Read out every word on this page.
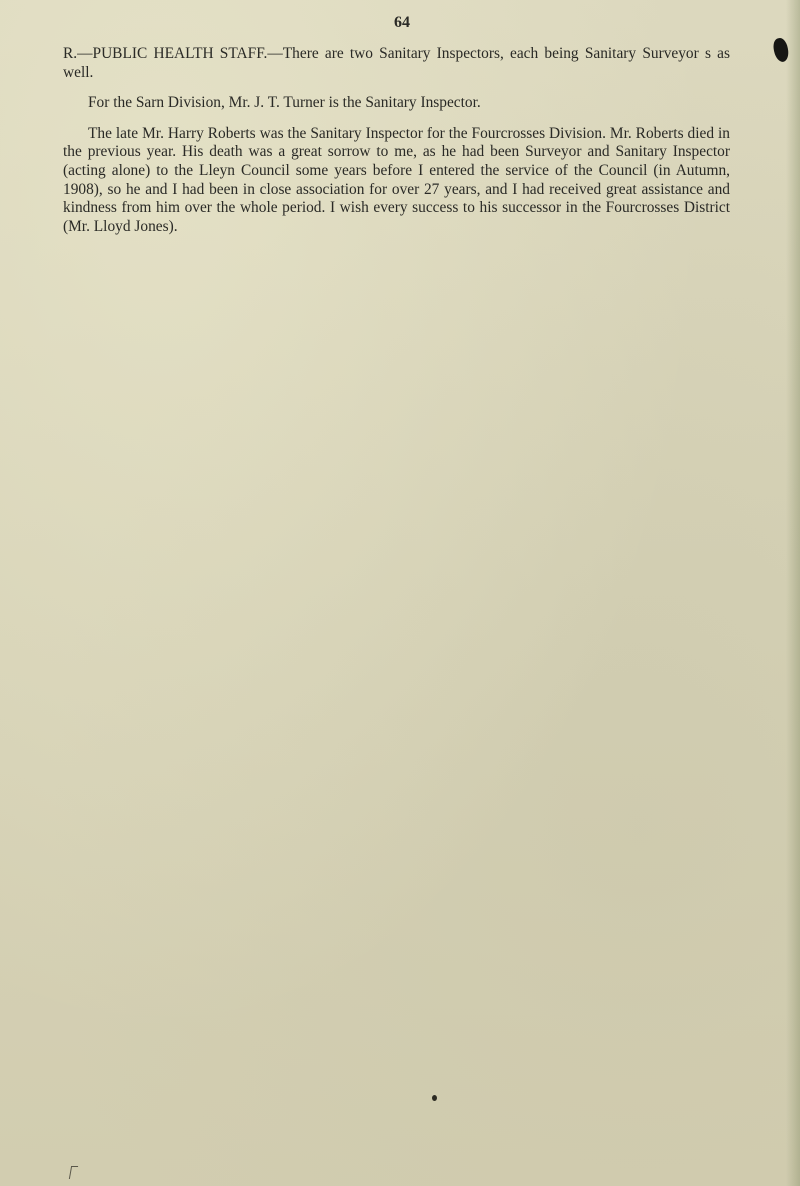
64

R.—PUBLIC HEALTH STAFF.—There are two Sanitary Inspectors, each being Sanitary Surveyor s as well.

For the Sarn Division, Mr. J. T. Turner is the Sanitary Inspector.

The late Mr. Harry Roberts was the Sanitary Inspector for the Fourcrosses Division. Mr. Roberts died in the previous year. His death was a great sorrow to me, as he had been Surveyor and Sanitary Inspector (acting alone) to the Lleyn Council some years before I entered the service of the Council (in Autumn, 1908), so he and I had been in close association for over 27 years, and I had received great assistance and kindness from him over the whole period. I wish every success to his successor in the Fourcrosses District (Mr. Lloyd Jones).
